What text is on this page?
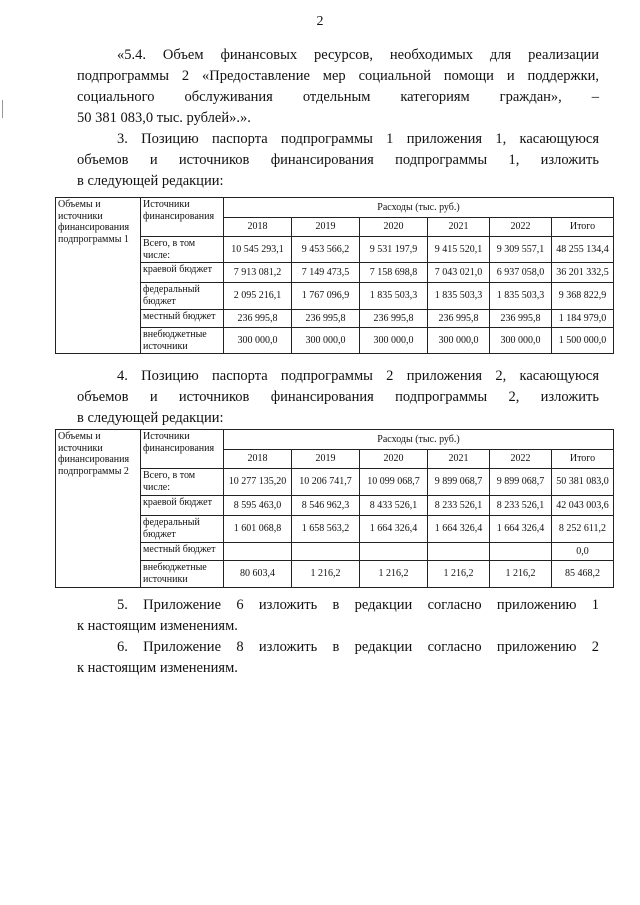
2
«5.4. Объем финансовых ресурсов, необходимых для реализации
подпрограммы 2 «Предоставление мер социальной помощи и поддержки,
социального обслуживания отдельным категориям граждан», –
50 381 083,0 тыс. рублей».».
3. Позицию паспорта подпрограммы 1 приложения 1, касающуюся
объемов и источников финансирования подпрограммы 1, изложить
в следующей редакции:
Объемы и источники финансирования подпрограммы 1	Источники финансирования	Расходы (тыс. руб.)					
		2018	2019	2020	2021	2022	Итого
	Всего, в том числе:	10 545 293,1	9 453 566,2	9 531 197,9	9 415 520,1	9 309 557,1	48 255 134,4
	краевой бюджет	7 913 081,2	7 149 473,5	7 158 698,8	7 043 021,0	6 937 058,0	36 201 332,5
	федеральный бюджет	2 095 216,1	1 767 096,9	1 835 503,3	1 835 503,3	1 835 503,3	9 368 822,9
	местный бюджет	236 995,8	236 995,8	236 995,8	236 995,8	236 995,8	1 184 979,0
	внебюджетные источники	300 000,0	300 000,0	300 000,0	300 000,0	300 000,0	1 500 000,0
4. Позицию паспорта подпрограммы 2 приложения 2, касающуюся
объемов и источников финансирования подпрограммы 2, изложить
в следующей редакции:
Объемы и источники финансирования подпрограммы 2	Источники финансирования	Расходы (тыс. руб.)					
		2018	2019	2020	2021	2022	Итого
	Всего, в том числе:	10 277 135,20	10 206 741,7	10 099 068,7	9 899 068,7	9 899 068,7	50 381 083,0
	краевой бюджет	8 595 463,0	8 546 962,3	8 433 526,1	8 233 526,1	8 233 526,1	42 043 003,6
	федеральный бюджет	1 601 068,8	1 658 563,2	1 664 326,4	1 664 326,4	1 664 326,4	8 252 611,2
	местный бюджет						0,0
	внебюджетные источники	80 603,4	1 216,2	1 216,2	1 216,2	1 216,2	85 468,2
5. Приложение 6 изложить в редакции согласно приложению 1
к настоящим изменениям.
6. Приложение 8 изложить в редакции согласно приложению 2
к настоящим изменениям.
